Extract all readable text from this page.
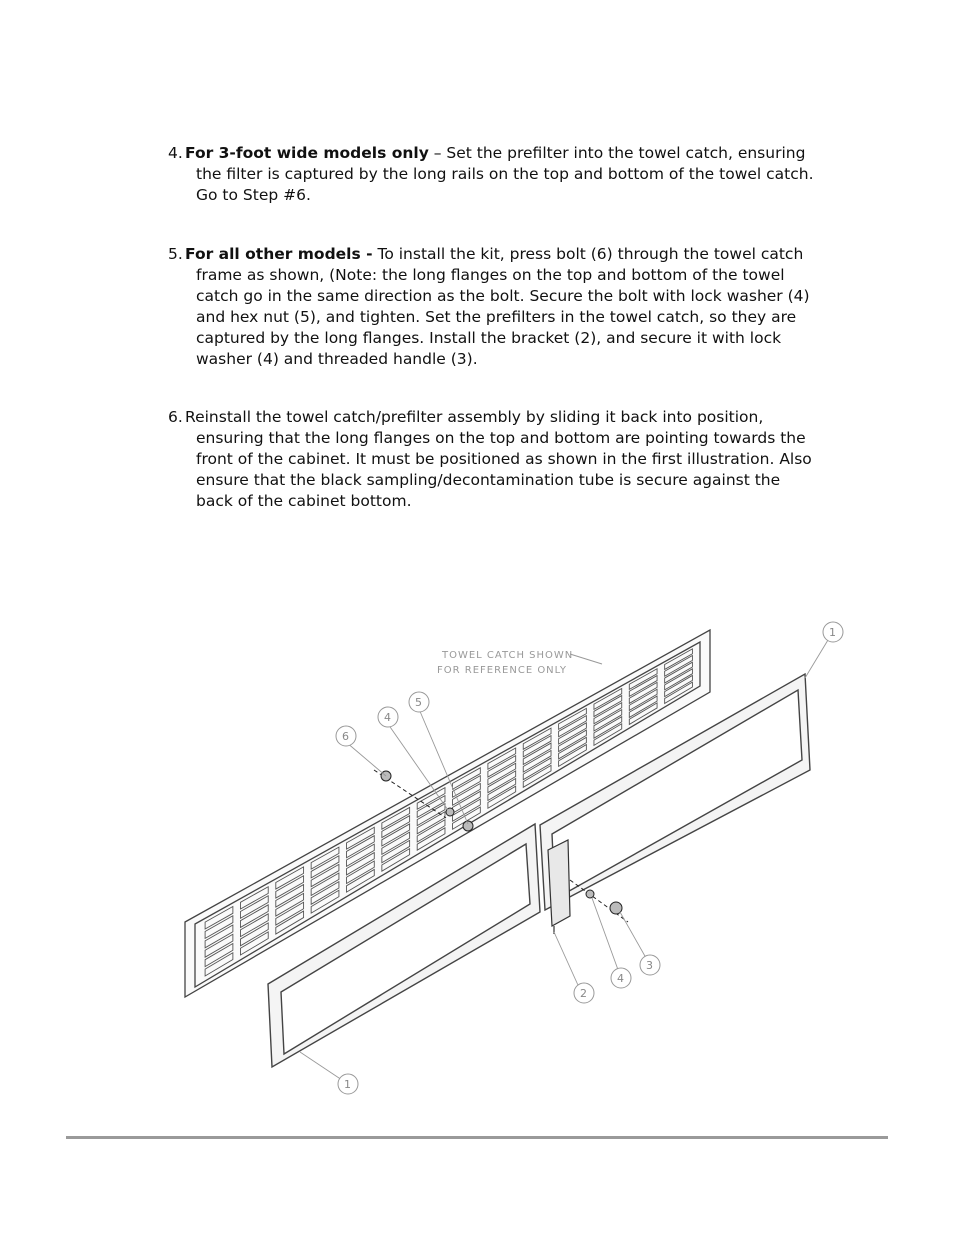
4. For 3-foot wide models only – Set the prefilter into the towel catch, ensuring the filter is captured by the long rails on the top and bottom of the towel catch. Go to Step #6.
5. For all other models - To install the kit, press bolt (6) through the towel catch frame as shown, (Note: the long flanges on the top and bottom of the towel catch go in the same direction as the bolt. Secure the bolt with lock washer (4) and hex nut (5), and tighten. Set the prefilters in the towel catch, so they are captured by the long flanges. Install the bracket (2), and secure it with lock washer (4) and threaded handle (3).
6. Reinstall the towel catch/prefilter assembly by sliding it back into position, ensuring that the long flanges on the top and bottom are pointing towards the front of the cabinet. It must be positioned as shown in the first illustration. Also ensure that the black sampling/decontamination tube is secure against the back of the cabinet bottom.
TOWEL CATCH SHOWN
FOR REFERENCE ONLY
1
6
4
5
2
4
3
1
